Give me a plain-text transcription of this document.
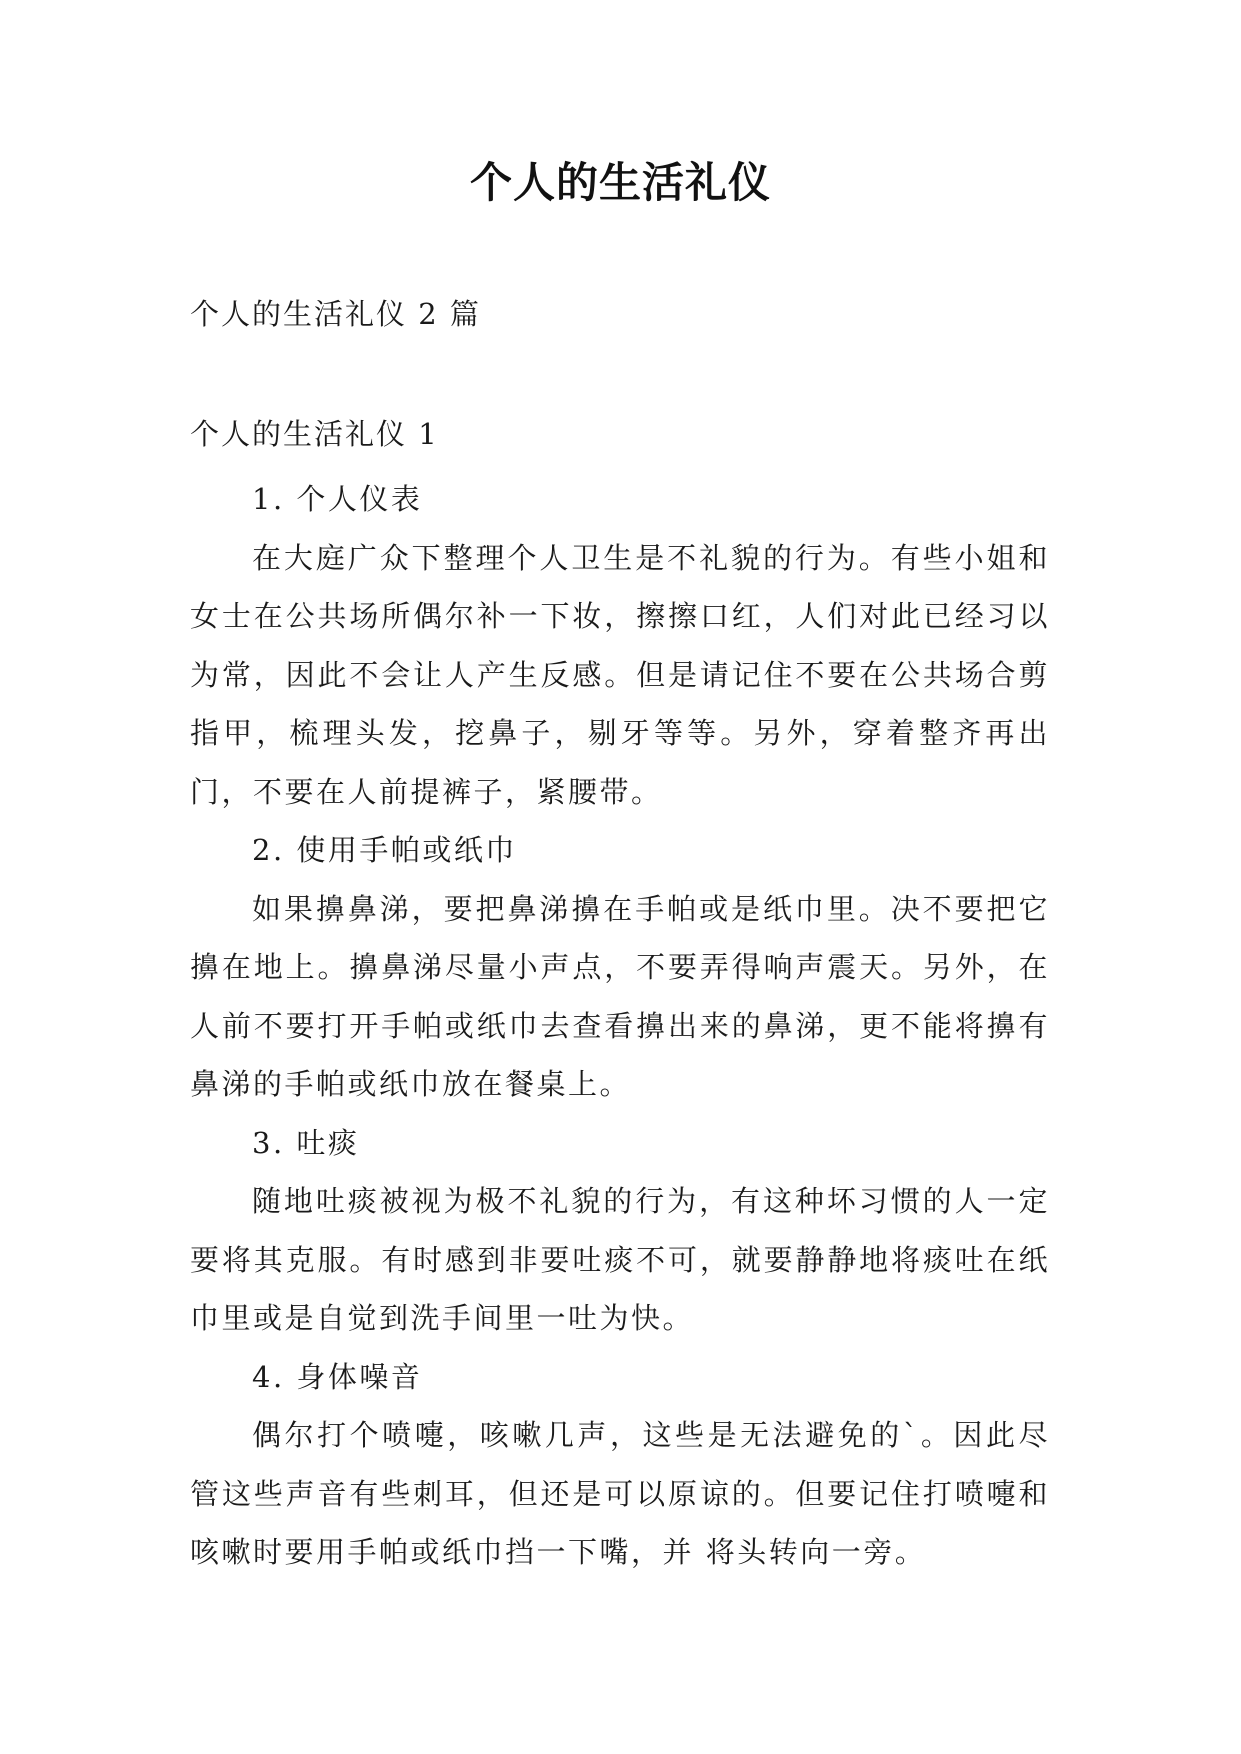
个人的生活礼仪
个人的生活礼仪 2 篇
个人的生活礼仪 1

1. 个人仪表

在大庭广众下整理个人卫生是不礼貌的行为。有些小姐和女士在公共场所偶尔补一下妆，擦擦口红，人们对此已经习以为常，因此不会让人产生反感。但是请记住不要在公共场合剪指甲，梳理头发，挖鼻子，剔牙等等。另外，穿着整齐再出门，不要在人前提裤子，紧腰带。

2. 使用手帕或纸巾

如果擤鼻涕，要把鼻涕擤在手帕或是纸巾里。决不要把它擤在地上。擤鼻涕尽量小声点，不要弄得响声震天。另外，在人前不要打开手帕或纸巾去查看擤出来的鼻涕，更不能将擤有鼻涕的手帕或纸巾放在餐桌上。

3. 吐痰

随地吐痰被视为极不礼貌的行为，有这种坏习惯的人一定要将其克服。有时感到非要吐痰不可，就要静静地将痰吐在纸巾里或是自觉到洗手间里一吐为快。

4. 身体噪音

偶尔打个喷嚏，咳嗽几声，这些是无法避免的`。因此尽管这些声音有些刺耳，但还是可以原谅的。但要记住打喷嚏和咳嗽时要用手帕或纸巾挡一下嘴，并 将头转向一旁。
